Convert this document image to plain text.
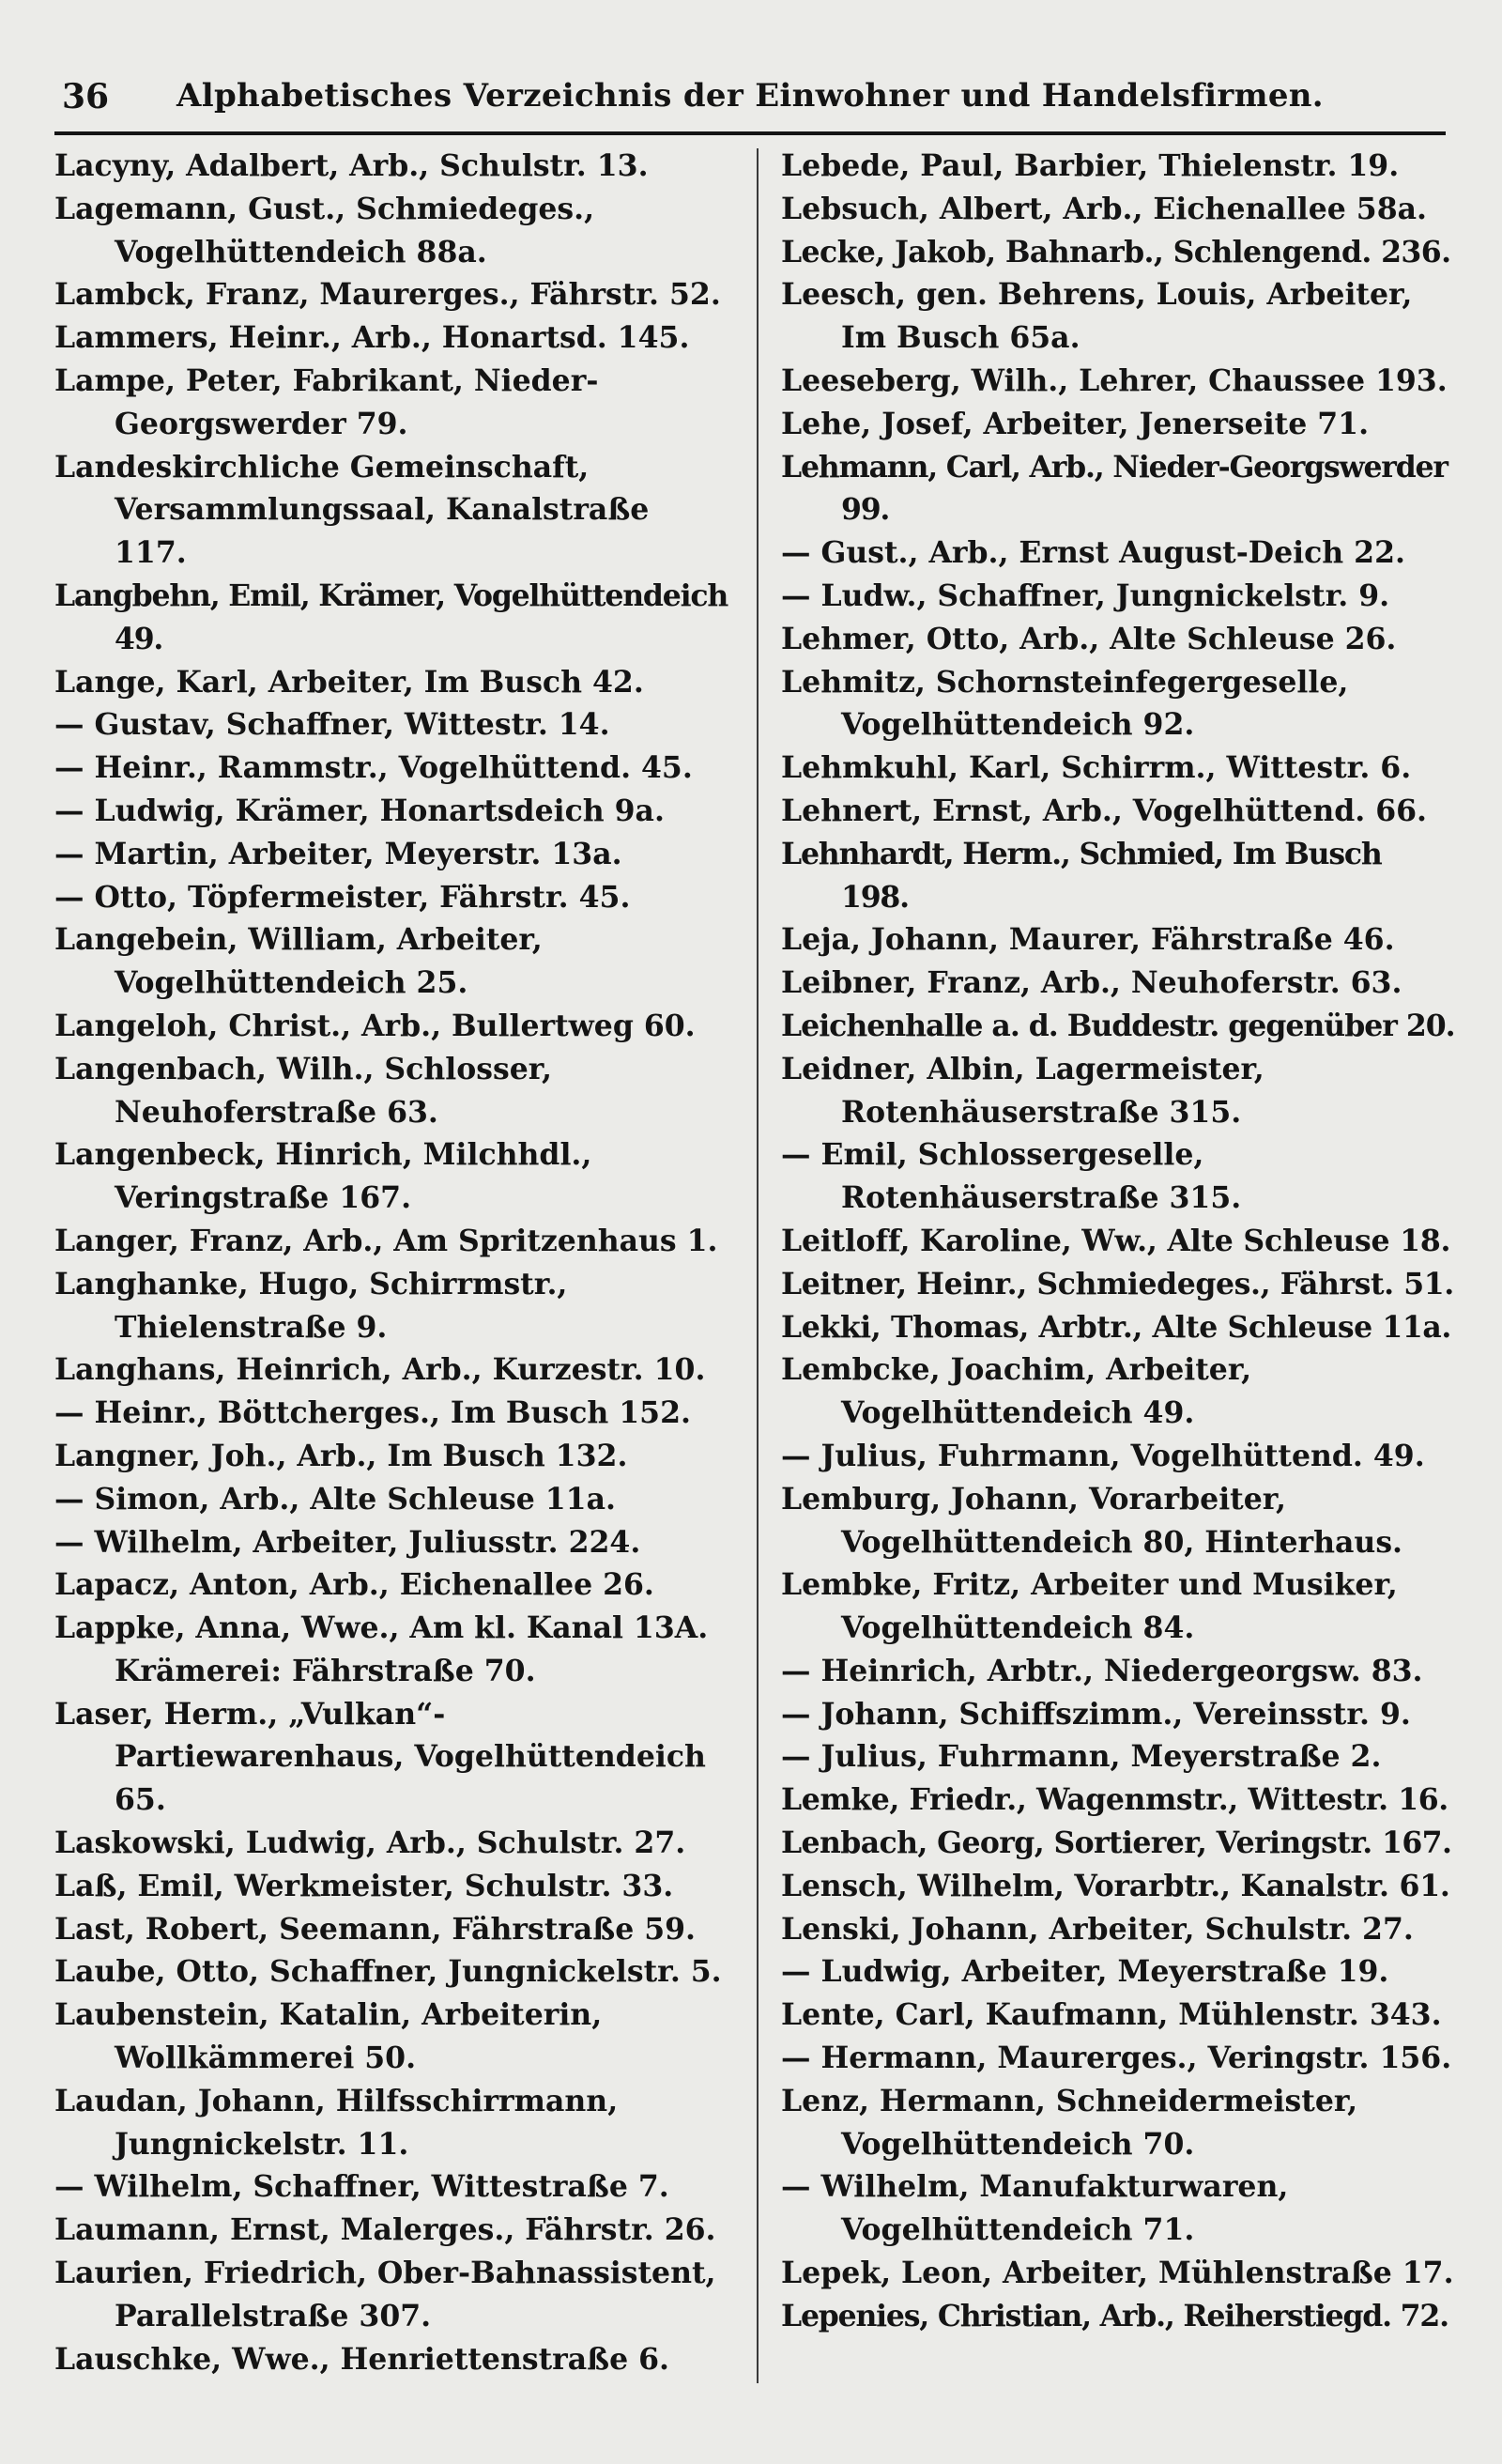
36	Alphabetisches Verzeichnis der Einwohner und Handelsfirmen.

Lacyny, Adalbert, Arb., Schulstr. 13.

Lagemann, Gust., Schmiedeges., Vogelhüttendeich 88a.

Lambck, Franz, Maurerges., Fährstr. 52.

Lammers, Heinr., Arb., Honartsd. 145.

Lampe, Peter, Fabrikant, Nieder-Georgswerder 79.

Landeskirchliche Gemeinschaft, Versammlungssaal, Kanalstraße 117.

Langbehn, Emil, Krämer, Vogelhüttendeich 49.

Lange, Karl, Arbeiter, Im Busch 42.

— Gustav, Schaffner, Wittestr. 14.

— Heinr., Rammstr., Vogelhüttend. 45.

— Ludwig, Krämer, Honartsdeich 9a.

— Martin, Arbeiter, Meyerstr. 13a.

— Otto, Töpfermeister, Fährstr. 45.

Langebein, William, Arbeiter, Vogelhüttendeich 25.

Langeloh, Christ., Arb., Bullertweg 60.

Langenbach, Wilh., Schlosser, Neuhoferstraße 63.

Langenbeck, Hinrich, Milchhdl., Veringstraße 167.

Langer, Franz, Arb., Am Spritzenhaus 1.

Langhanke, Hugo, Schirrmstr., Thielenstraße 9.

Langhans, Heinrich, Arb., Kurzestr. 10.

— Heinr., Böttcherges., Im Busch 152.

Langner, Joh., Arb., Im Busch 132.

— Simon, Arb., Alte Schleuse 11a.

— Wilhelm, Arbeiter, Juliusstr. 224.

Lapacz, Anton, Arb., Eichenallee 26.

Lappke, Anna, Wwe., Am kl. Kanal 13A. Krämerei: Fährstraße 70.

Laser, Herm., „Vulkan“-Partiewarenhaus, Vogelhüttendeich 65.

Laskowski, Ludwig, Arb., Schulstr. 27.

Laß, Emil, Werkmeister, Schulstr. 33.

Last, Robert, Seemann, Fährstraße 59.

Laube, Otto, Schaffner, Jungnickelstr. 5.

Laubenstein, Katalin, Arbeiterin, Wollkämmerei 50.

Laudan, Johann, Hilfsschirrmann, Jungnickelstr. 11.

— Wilhelm, Schaffner, Wittestraße 7.

Laumann, Ernst, Malerges., Fährstr. 26.

Laurien, Friedrich, Ober-Bahnassistent, Parallelstraße 307.

Lauschke, Wwe., Henriettenstraße 6.

Lebede, Paul, Barbier, Thielenstr. 19.

Lebsuch, Albert, Arb., Eichenallee 58a.

Lecke, Jakob, Bahnarb., Schlengend. 236.

Leesch, gen. Behrens, Louis, Arbeiter, Im Busch 65a.

Leeseberg, Wilh., Lehrer, Chaussee 193.

Lehe, Josef, Arbeiter, Jenerseite 71.

Lehmann, Carl, Arb., Nieder-Georgswerder 99.

— Gust., Arb., Ernst August-Deich 22.

— Ludw., Schaffner, Jungnickelstr. 9.

Lehmer, Otto, Arb., Alte Schleuse 26.

Lehmitz, Schornsteinfegergeselle, Vogelhüttendeich 92.

Lehmkuhl, Karl, Schirrm., Wittestr. 6.

Lehnert, Ernst, Arb., Vogelhüttend. 66.

Lehnhardt, Herm., Schmied, Im Busch 198.

Leja, Johann, Maurer, Fährstraße 46.

Leibner, Franz, Arb., Neuhoferstr. 63.

Leichenhalle a. d. Buddestr. gegenüber 20.

Leidner, Albin, Lagermeister, Rotenhäuserstraße 315.

— Emil, Schlossergeselle, Rotenhäuserstraße 315.

Leitloff, Karoline, Ww., Alte Schleuse 18.

Leitner, Heinr., Schmiedeges., Fährst. 51.

Lekki, Thomas, Arbtr., Alte Schleuse 11a.

Lembcke, Joachim, Arbeiter, Vogelhüttendeich 49.

— Julius, Fuhrmann, Vogelhüttend. 49.

Lemburg, Johann, Vorarbeiter, Vogelhüttendeich 80, Hinterhaus.

Lembke, Fritz, Arbeiter und Musiker, Vogelhüttendeich 84.

— Heinrich, Arbtr., Niedergeorgsw. 83.

— Johann, Schiffszimm., Vereinsstr. 9.

— Julius, Fuhrmann, Meyerstraße 2.

Lemke, Friedr., Wagenmstr., Wittestr. 16.

Lenbach, Georg, Sortierer, Veringstr. 167.

Lensch, Wilhelm, Vorarbtr., Kanalstr. 61.

Lenski, Johann, Arbeiter, Schulstr. 27.

— Ludwig, Arbeiter, Meyerstraße 19.

Lente, Carl, Kaufmann, Mühlenstr. 343.

— Hermann, Maurerges., Veringstr. 156.

Lenz, Hermann, Schneidermeister, Vogelhüttendeich 70.

— Wilhelm, Manufakturwaren, Vogelhüttendeich 71.

Lepek, Leon, Arbeiter, Mühlenstraße 17.

Lepenies, Christian, Arb., Reiherstiegd. 72.
